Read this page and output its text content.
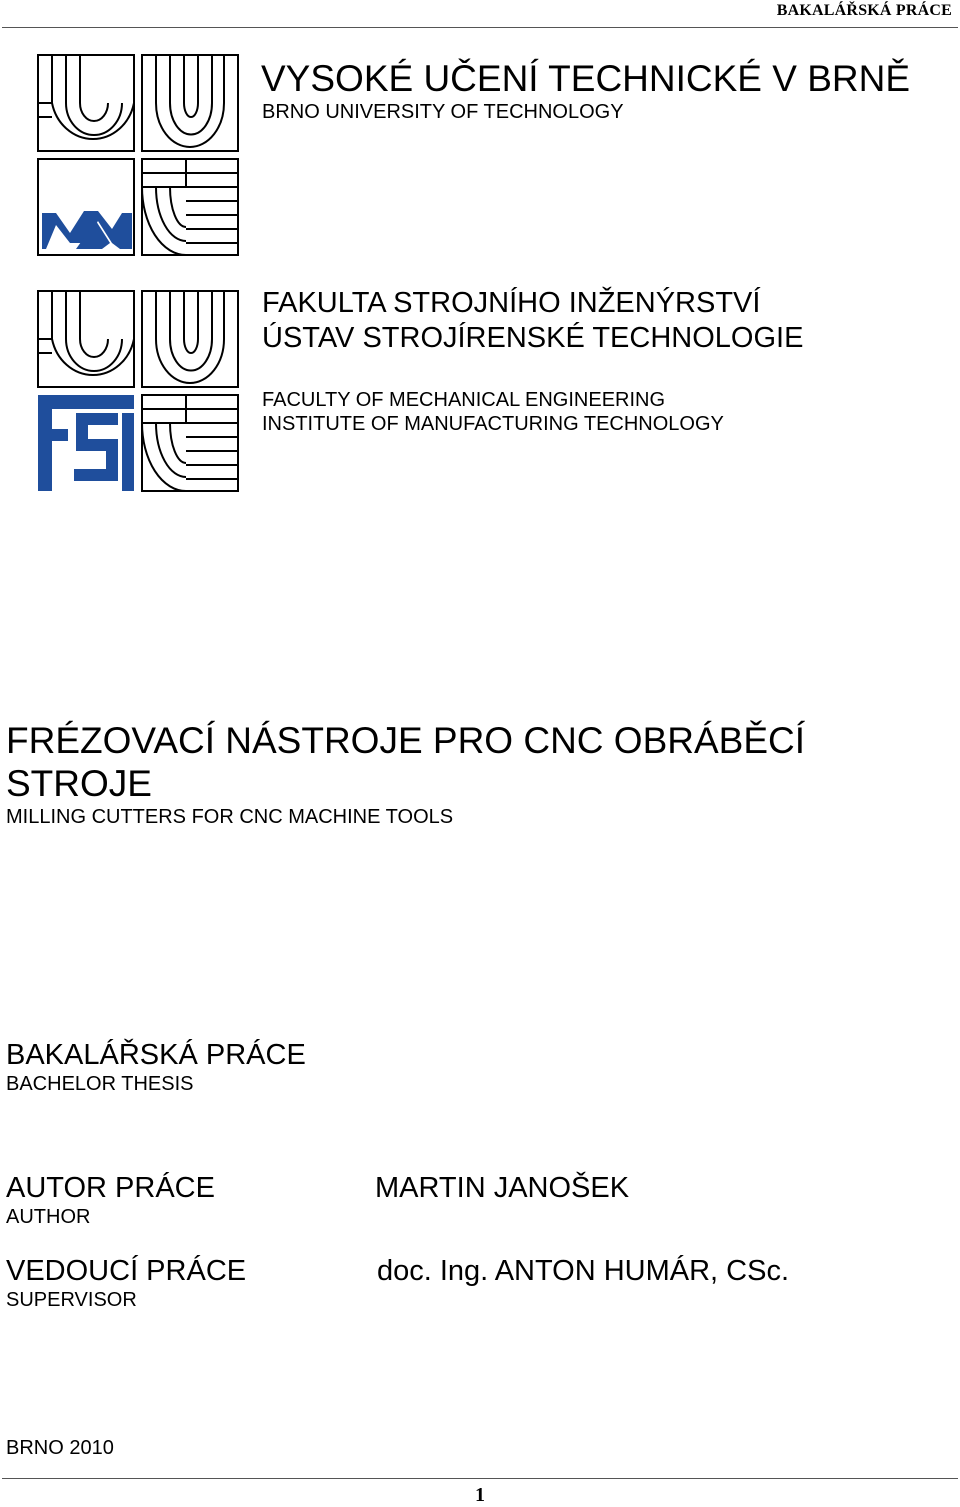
BAKALÁŘSKÁ PRÁCE
VYSOKÉ UČENÍ TECHNICKÉ V BRNĚ
BRNO UNIVERSITY OF TECHNOLOGY
FAKULTA STROJNÍHO INŽENÝRSTVÍ
ÚSTAV STROJÍRENSKÉ TECHNOLOGIE
FACULTY OF MECHANICAL ENGINEERING
INSTITUTE OF MANUFACTURING TECHNOLOGY
FRÉZOVACÍ NÁSTROJE PRO CNC OBRÁBĚCÍ STROJE
MILLING CUTTERS FOR CNC MACHINE TOOLS
BAKALÁŘSKÁ PRÁCE
BACHELOR THESIS
AUTOR PRÁCE
AUTHOR
MARTIN JANOŠEK
VEDOUCÍ PRÁCE
SUPERVISOR
doc. Ing. ANTON HUMÁR, CSc.
BRNO 2010
1
